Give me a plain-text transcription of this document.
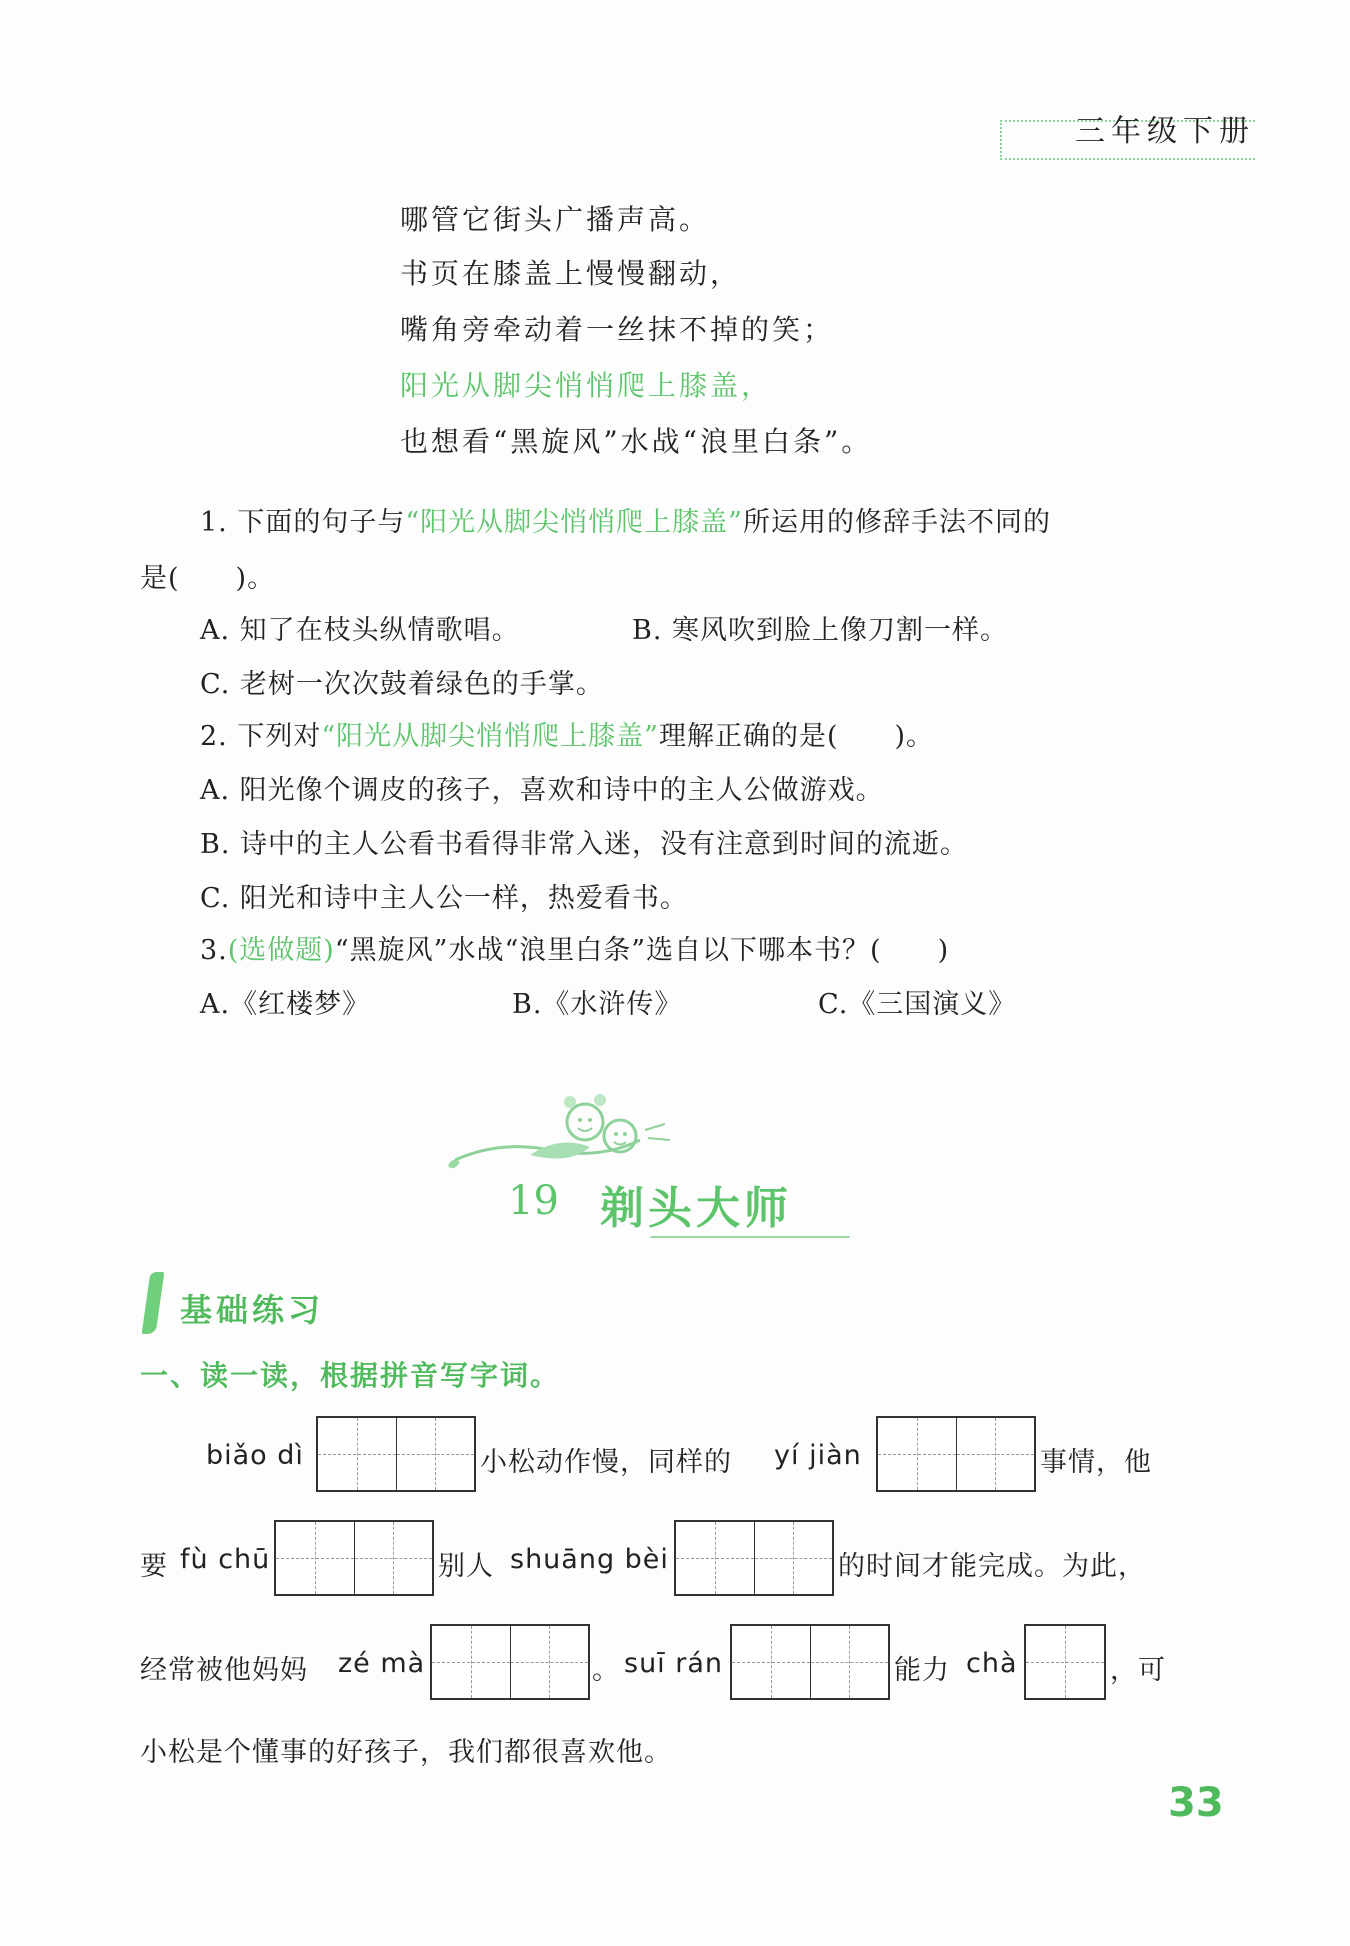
三年级下册
哪管它街头广播声高。
书页在膝盖上慢慢翻动，
嘴角旁牵动着一丝抹不掉的笑；
阳光从脚尖悄悄爬上膝盖，
也想看“黑旋风”水战“浪里白条”。
1. 下面的句子与“阳光从脚尖悄悄爬上膝盖”所运用的修辞手法不同的
是(　　)。
A. 知了在枝头纵情歌唱。	B. 寒风吹到脸上像刀割一样。
C. 老树一次次鼓着绿色的手掌。
2. 下列对“阳光从脚尖悄悄爬上膝盖”理解正确的是(　　)。
A. 阳光像个调皮的孩子，喜欢和诗中的主人公做游戏。
B. 诗中的主人公看书看得非常入迷，没有注意到时间的流逝。
C. 阳光和诗中主人公一样，热爱看书。
3.(选做题)“黑旋风”水战“浪里白条”选自以下哪本书？(　　)
A.《红楼梦》	B.《水浒传》	C.《三国演义》
19 剃头大师
基础练习
一、读一读，根据拼音写字词。
biǎo dì	小松动作慢，同样的 yí jiàn	事情，他
要 fù chū	别人 shuāng bèi	的时间才能完成。为此，
经常被他妈妈 zé mà	。 suī rán	能力 chà	，可
小松是个懂事的好孩子，我们都很喜欢他。
33
